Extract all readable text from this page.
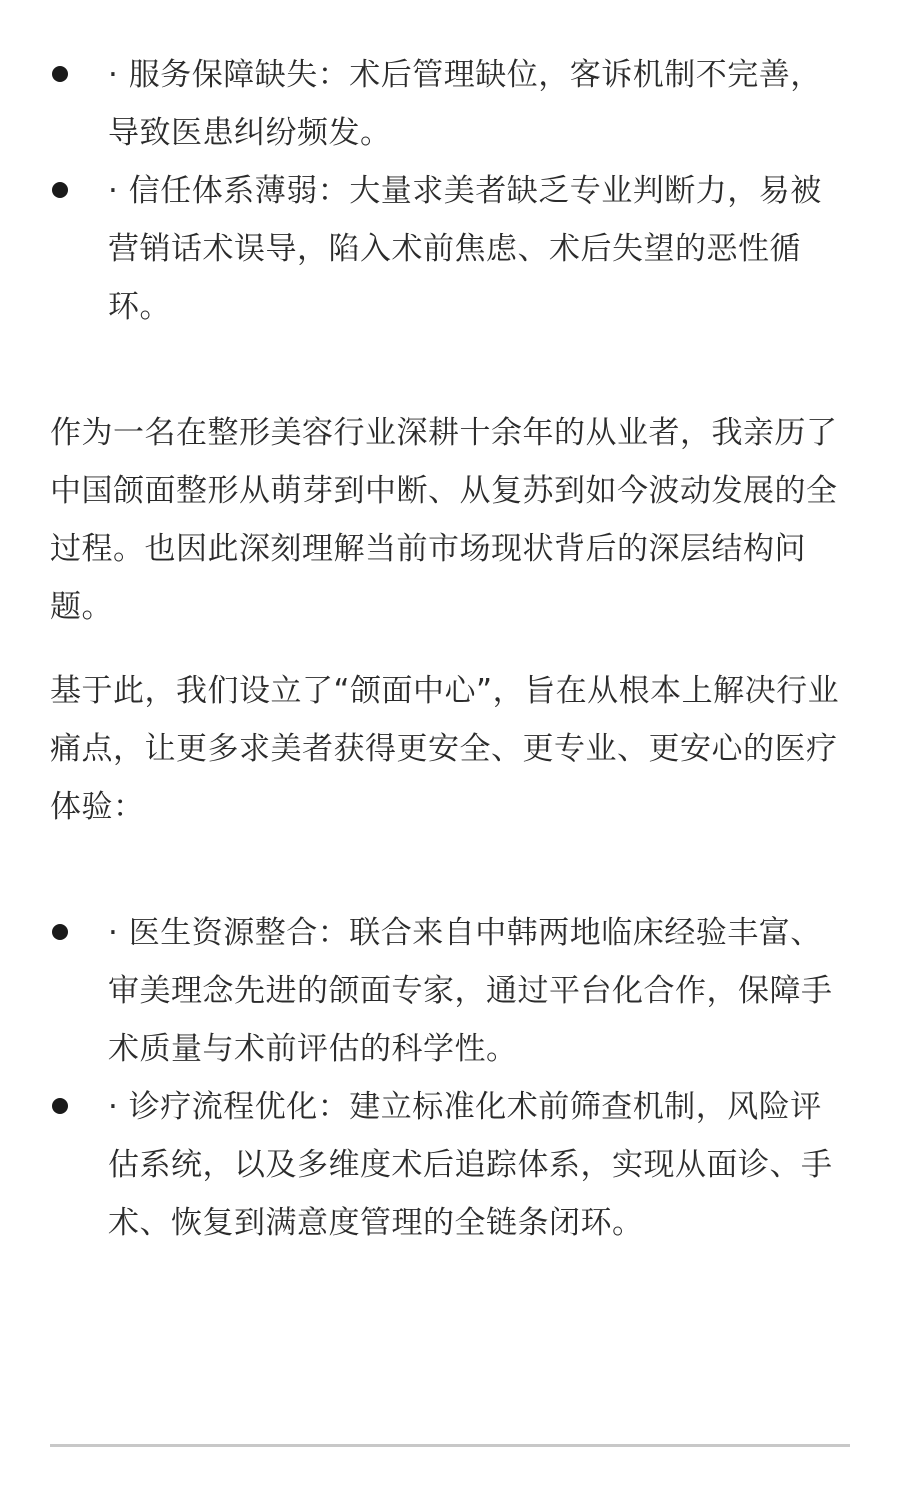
· 服务保障缺失：术后管理缺位，客诉机制不完善，导致医患纠纷频发。
· 信任体系薄弱：大量求美者缺乏专业判断力，易被营销话术误导，陷入术前焦虑、术后失望的恶性循环。

作为一名在整形美容行业深耕十余年的从业者，我亲历了中国颌面整形从萌芽到中断、从复苏到如今波动发展的全过程。也因此深刻理解当前市场现状背后的深层结构问题。

基于此，我们设立了“颌面中心”，旨在从根本上解决行业痛点，让更多求美者获得更安全、更专业、更安心的医疗体验：

· 医生资源整合：联合来自中韩两地临床经验丰富、审美理念先进的颌面专家，通过平台化合作，保障手术质量与术前评估的科学性。
· 诊疗流程优化：建立标准化术前筛查机制，风险评估系统，以及多维度术后追踪体系，实现从面诊、手术、恢复到满意度管理的全链条闭环。
